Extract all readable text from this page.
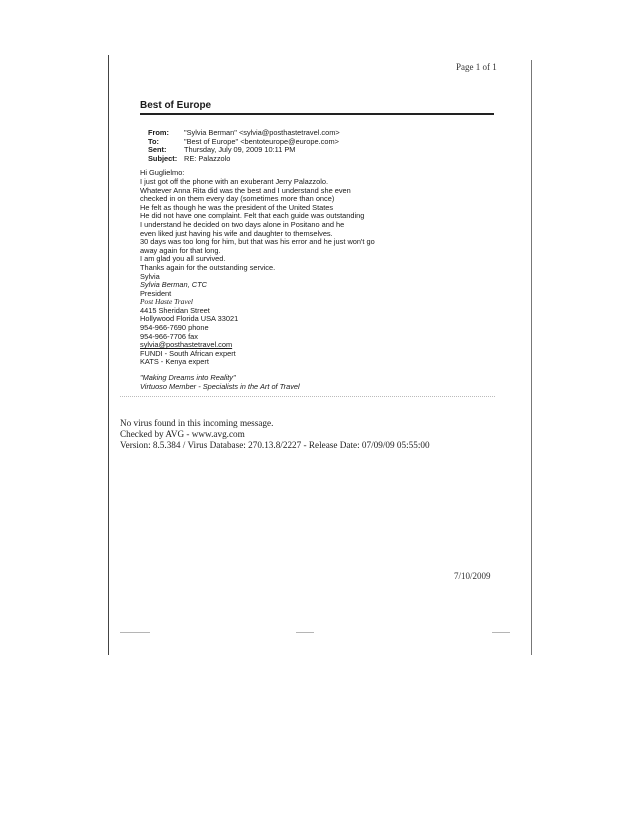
Page 1 of 1
Best of Europe
From:	"Sylvia Berman" <sylvia@posthastetravel.com>
To:	"Best of Europe" <bentoteurope@europe.com>
Sent:	Thursday, July 09, 2009 10:11 PM
Subject: RE: Palazzolo
Hi Guglielmo:
I just got off the phone with an exuberant Jerry Palazzolo.
Whatever Anna Rita did was the best and I understand she even
checked in on them every day (sometimes more than once)
He felt as though he was the president of the United States
He did not have one complaint. Felt that each guide was outstanding
I understand he decided on two days alone in Positano and he
even liked just having his wife and daughter to themselves.
30 days was too long for him, but that was his error and he just won't go
away again for that long.
I am glad you all survived.
Thanks again for the outstanding service.
Sylvia
Sylvia Berman, CTC
President
Post Haste Travel
4415 Sheridan Street
Hollywood Florida USA 33021
954-966-7690 phone
954-966-7706 fax
sylvia@posthastetravel.com
FUNDI - South African expert
KATS - Kenya expert
"Making Dreams into Reality"
Virtuoso Member - Specialists in the Art of Travel
No virus found in this incoming message.
Checked by AVG - www.avg.com
Version: 8.5.384 / Virus Database: 270.13.8/2227 - Release Date: 07/09/09 05:55:00
7/10/2009
